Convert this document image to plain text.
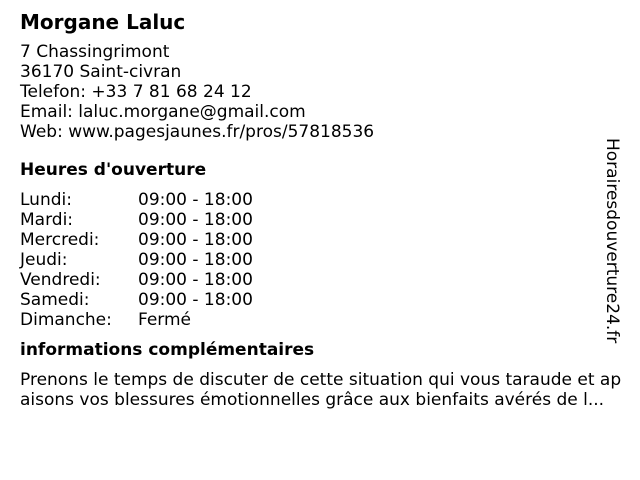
Morgane Laluc
7 Chassingrimont
36170 Saint-civran
Telefon: +33 7 81 68 24 12
Email: laluc.morgane@gmail.com
Web: www.pagesjaunes.fr/pros/57818536
Heures d'ouverture
Lundi:	09:00 - 18:00
Mardi:	09:00 - 18:00
Mercredi:	09:00 - 18:00
Jeudi:	09:00 - 18:00
Vendredi:	09:00 - 18:00
Samedi:	09:00 - 18:00
Dimanche:	Fermé
informations complémentaires
Prenons le temps de discuter de cette situation qui vous taraude et apaisons vos blessures émotionnelles grâce aux bienfaits avérés de l...
Horairesdouverture24.fr
